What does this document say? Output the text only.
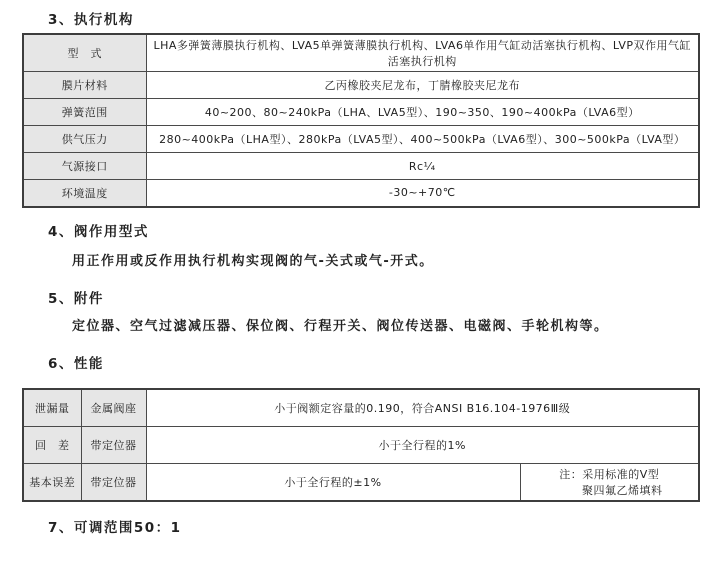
3、执行机构
型　式	LHA多弹簧薄膜执行机构、LVA5单弹簧薄膜执行机构、LVA6单作用气缸动活塞执行机构、LVP双作用气缸活塞执行机构
膜片材料	乙丙橡胶夹尼龙布，丁腈橡胶夹尼龙布
弹簧范围	40~200、80~240kPa（LHA、LVA5型）、190~350、190~400kPa（LVA6型）
供气压力	280~400kPa（LHA型）、280kPa（LVA5型）、400~500kPa（LVA6型）、300~500kPa（LVA型）
气源接口	Rc¹⁄₄
环境温度	-30~+70℃
4、阀作用型式
用正作用或反作用执行机构实现阀的气-关式或气-开式。
5、附件
定位器、空气过滤减压器、保位阀、行程开关、阀位传送器、电磁阀、手轮机构等。
6、性能
泄漏量	金属阀座	小于阀额定容量的0.190，符合ANSI B16.104-1976Ⅲ级	
回　差	带定位器	小于全行程的1%	
基本误差	带定位器	小于全行程的±1%	注：采用标准的V型
聚四氟乙烯填料
7、可调范围50：1
